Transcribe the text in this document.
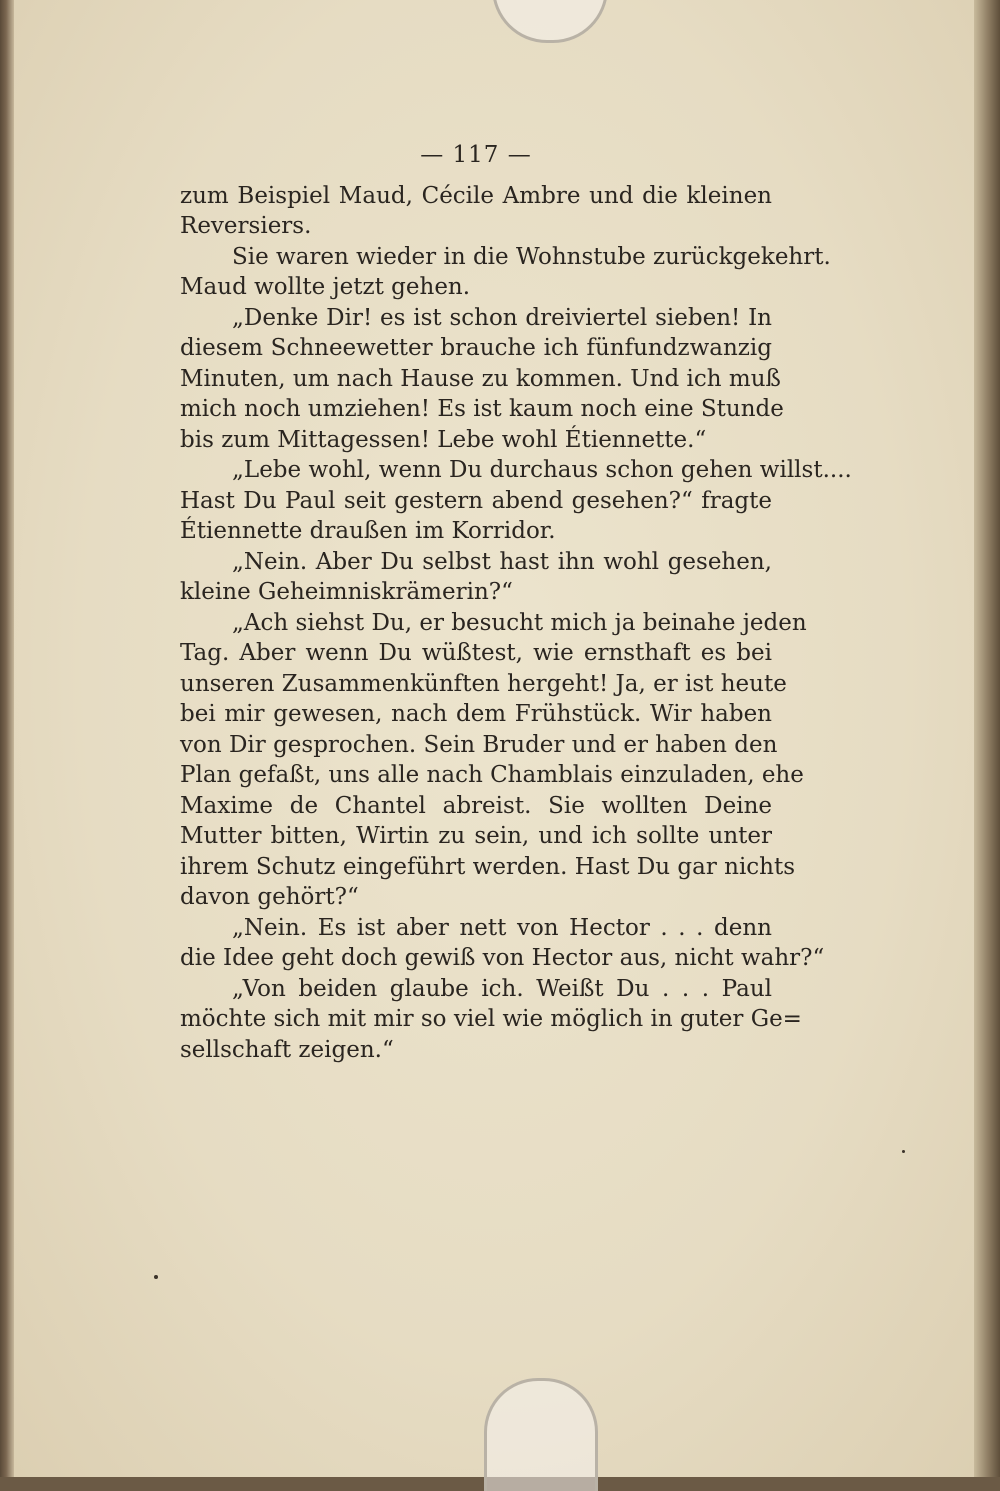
— 117 —
zum Beispiel Maud, Cécile Ambre und die kleinen
Reversiers.
Sie waren wieder in die Wohnstube zurückgekehrt.
Maud wollte jetzt gehen.
„Denke Dir! es ist schon dreiviertel sieben! In
diesem Schneewetter brauche ich fünfundzwanzig
Minuten, um nach Hause zu kommen. Und ich muß
mich noch umziehen! Es ist kaum noch eine Stunde
bis zum Mittagessen! Lebe wohl Étiennette.“
„Lebe wohl, wenn Du durchaus schon gehen willst....
Hast Du Paul seit gestern abend gesehen?“ fragte
Étiennette draußen im Korridor.
„Nein. Aber Du selbst hast ihn wohl gesehen,
kleine Geheimniskrämerin?“
„Ach siehst Du, er besucht mich ja beinahe jeden
Tag. Aber wenn Du wüßtest, wie ernsthaft es bei
unseren Zusammenkünften hergeht! Ja, er ist heute
bei mir gewesen, nach dem Frühstück. Wir haben
von Dir gesprochen. Sein Bruder und er haben den
Plan gefaßt, uns alle nach Chamblais einzuladen, ehe
Maxime de Chantel abreist. Sie wollten Deine
Mutter bitten, Wirtin zu sein, und ich sollte unter
ihrem Schutz eingeführt werden. Hast Du gar nichts
davon gehört?“
„Nein. Es ist aber nett von Hector . . . denn
die Idee geht doch gewiß von Hector aus, nicht wahr?“
„Von beiden glaube ich. Weißt Du . . . Paul
möchte sich mit mir so viel wie möglich in guter Ge=
sellschaft zeigen.“
